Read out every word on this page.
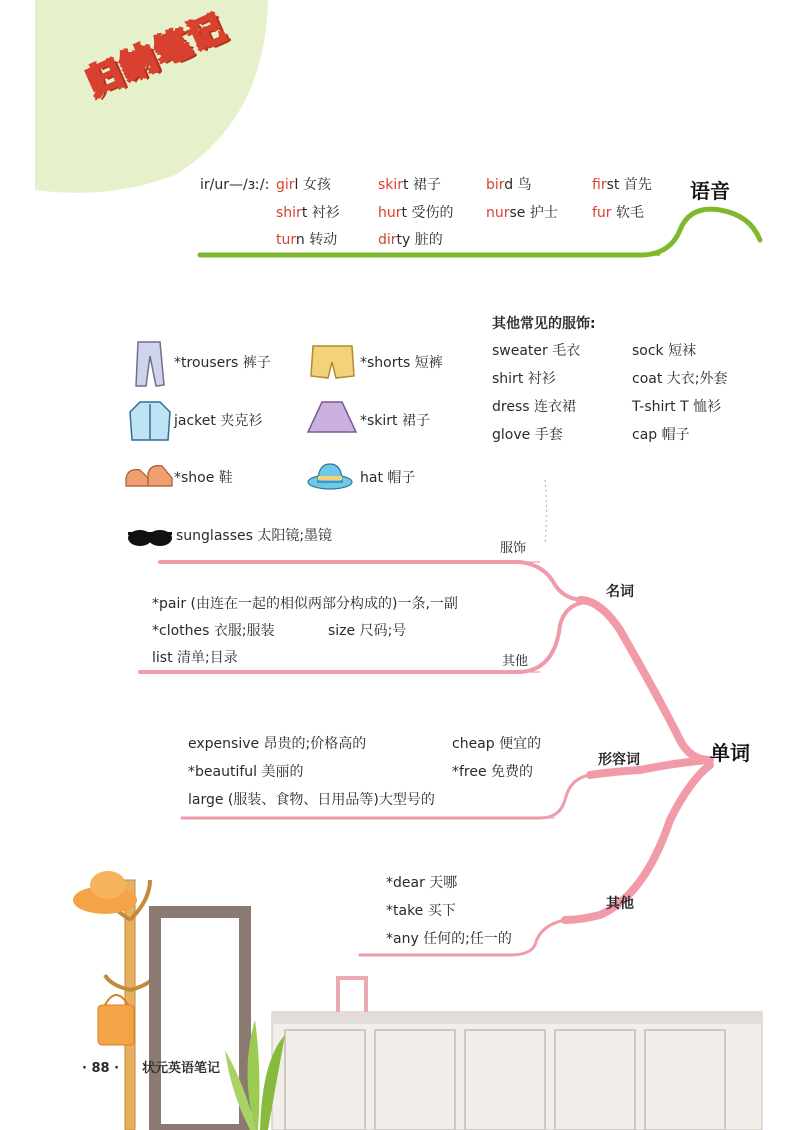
归纳笔记
语音
ir/ur—/ɜː/: girl 女孩	skirt 裙子	bird 鸟	first 首先
shirt 衬衫	hurt 受伤的 nurse 护士 fur 软毛
turn 转动	dirty 脏的
*trousers 裤子	*shorts 短裤
jacket 夹克衫	*skirt 裙子
*shoe 鞋	hat 帽子
sunglasses 太阳镜;墨镜
其他常见的服饰:
sweater 毛衣	sock 短袜
shirt 衬衫	coat 大衣;外套
dress 连衣裙	T-shirt T 恤衫
glove 手套	cap 帽子
服饰
名词
其他
单词
形容词
其他
*pair (由连在一起的相似两部分构成的)一条,一副
*clothes 衣服;服装	size 尺码;号
list 清单;目录
expensive 昂贵的;价格高的	cheap 便宜的
*beautiful 美丽的	*free 免费的
large (服装、食物、日用品等)大型号的
*dear 天哪
*take 买下
*any 任何的;任一的
· 88 · 状元英语笔记
